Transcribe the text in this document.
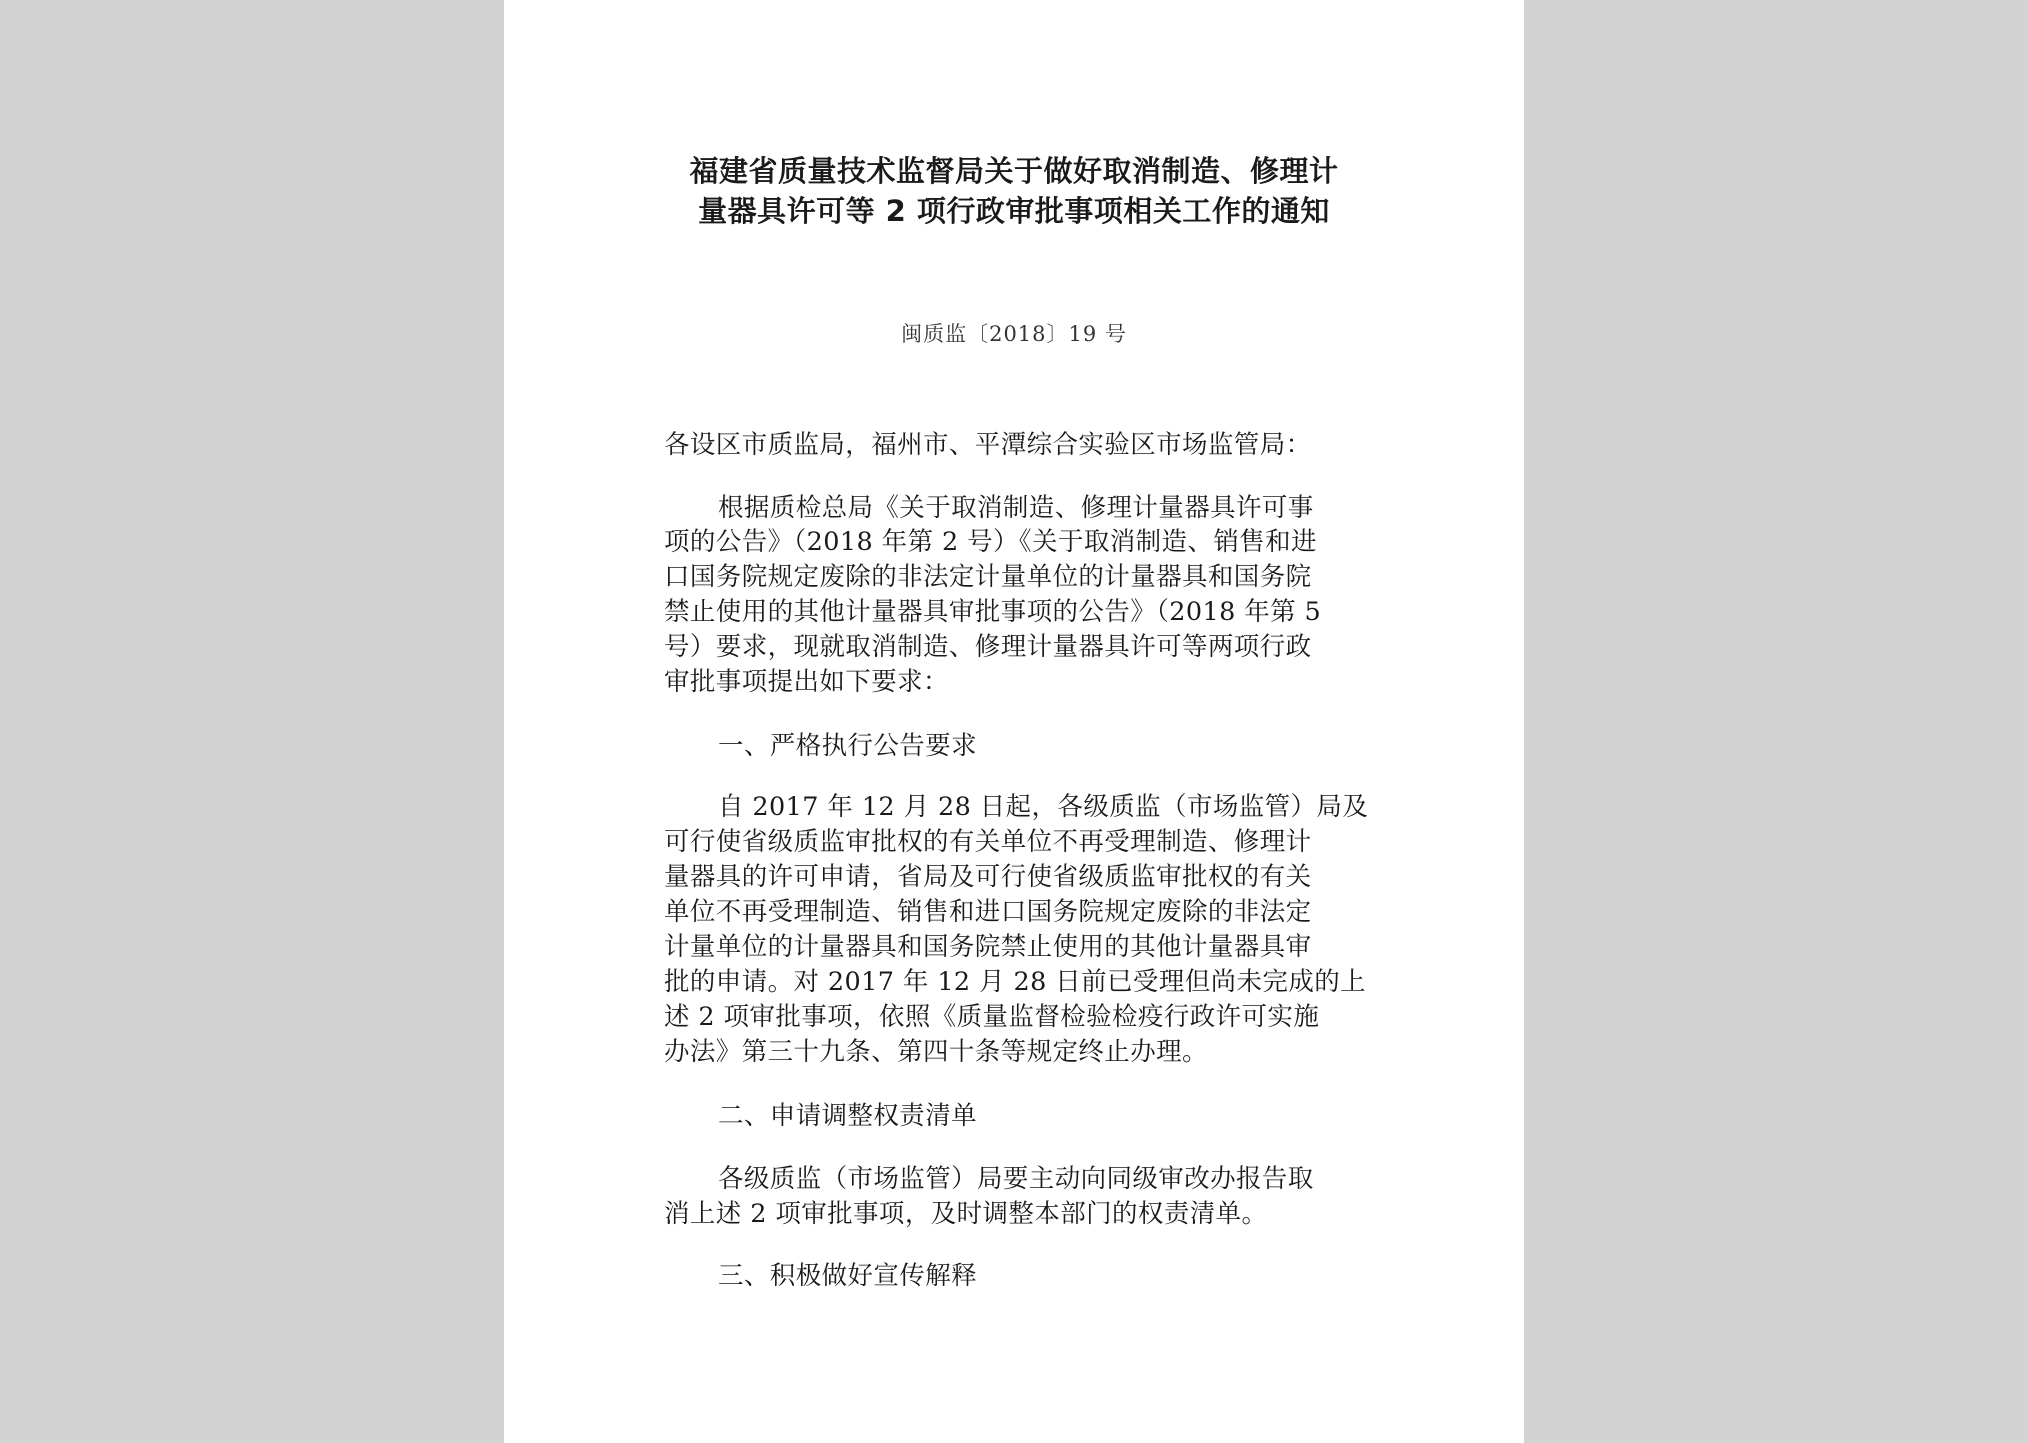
福建省质量技术监督局关于做好取消制造、修理计
量器具许可等 2 项行政审批事项相关工作的通知
闽质监〔2018〕19 号
各设区市质监局，福州市、平潭综合实验区市场监管局：
根据质检总局《关于取消制造、修理计量器具许可事
项的公告》（2018 年第 2 号）《关于取消制造、销售和进
口国务院规定废除的非法定计量单位的计量器具和国务院
禁止使用的其他计量器具审批事项的公告》（2018 年第 5
号）要求，现就取消制造、修理计量器具许可等两项行政
审批事项提出如下要求：
一、严格执行公告要求
自 2017 年 12 月 28 日起，各级质监（市场监管）局及
可行使省级质监审批权的有关单位不再受理制造、修理计
量器具的许可申请，省局及可行使省级质监审批权的有关
单位不再受理制造、销售和进口国务院规定废除的非法定
计量单位的计量器具和国务院禁止使用的其他计量器具审
批的申请。对 2017 年 12 月 28 日前已受理但尚未完成的上
述 2 项审批事项，依照《质量监督检验检疫行政许可实施
办法》第三十九条、第四十条等规定终止办理。
二、申请调整权责清单
各级质监（市场监管）局要主动向同级审改办报告取
消上述 2 项审批事项，及时调整本部门的权责清单。
三、积极做好宣传解释
